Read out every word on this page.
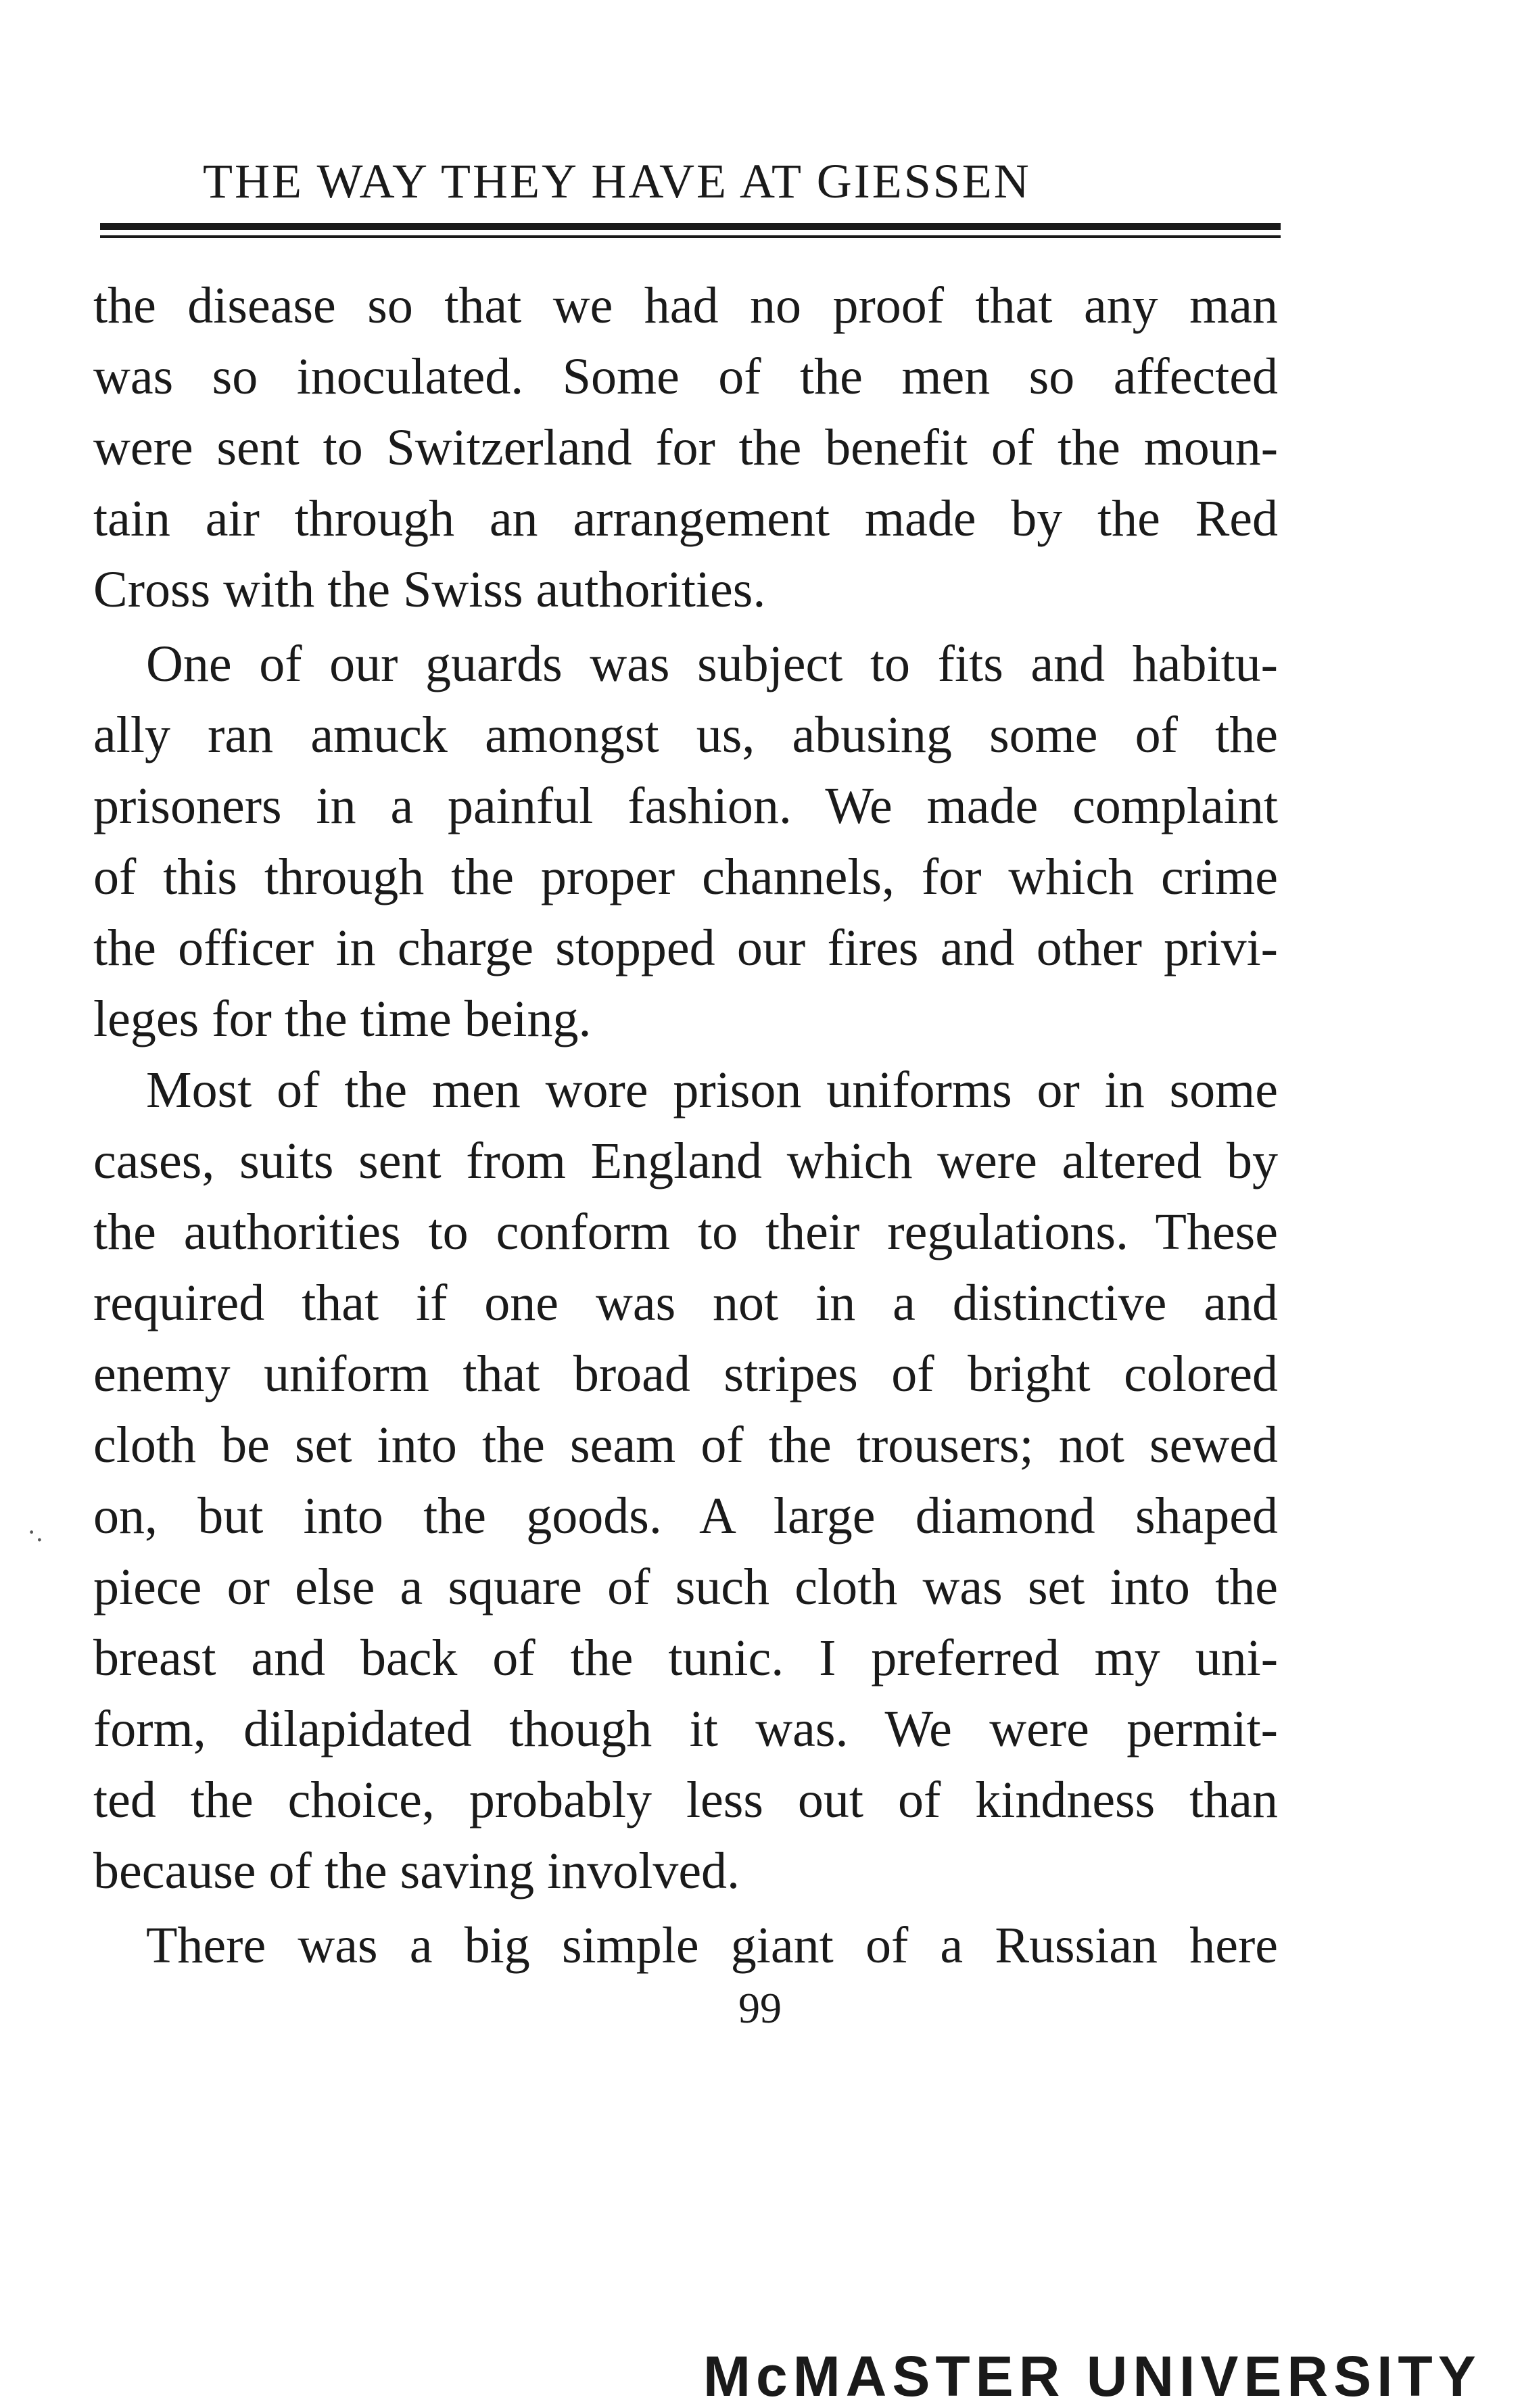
THE WAY THEY HAVE AT GIESSEN
the disease so that we had no proof that any man
was so inoculated. Some of the men so affected
were sent to Switzerland for the benefit of the moun-
tain air through an arrangement made by the Red
Cross with the Swiss authorities.
One of our guards was subject to fits and habitu-
ally ran amuck amongst us, abusing some of the
prisoners in a painful fashion. We made complaint
of this through the proper channels, for which crime
the officer in charge stopped our fires and other privi-
leges for the time being.
Most of the men wore prison uniforms or in some
cases, suits sent from England which were altered by
the authorities to conform to their regulations. These
required that if one was not in a distinctive and
enemy uniform that broad stripes of bright colored
cloth be set into the seam of the trousers; not sewed
on, but into the goods. A large diamond shaped
piece or else a square of such cloth was set into the
breast and back of the tunic. I preferred my uni-
form, dilapidated though it was. We were permit-
ted the choice, probably less out of kindness than
because of the saving involved.
There was a big simple giant of a Russian here
99
·.
McMASTER UNIVERSITY
